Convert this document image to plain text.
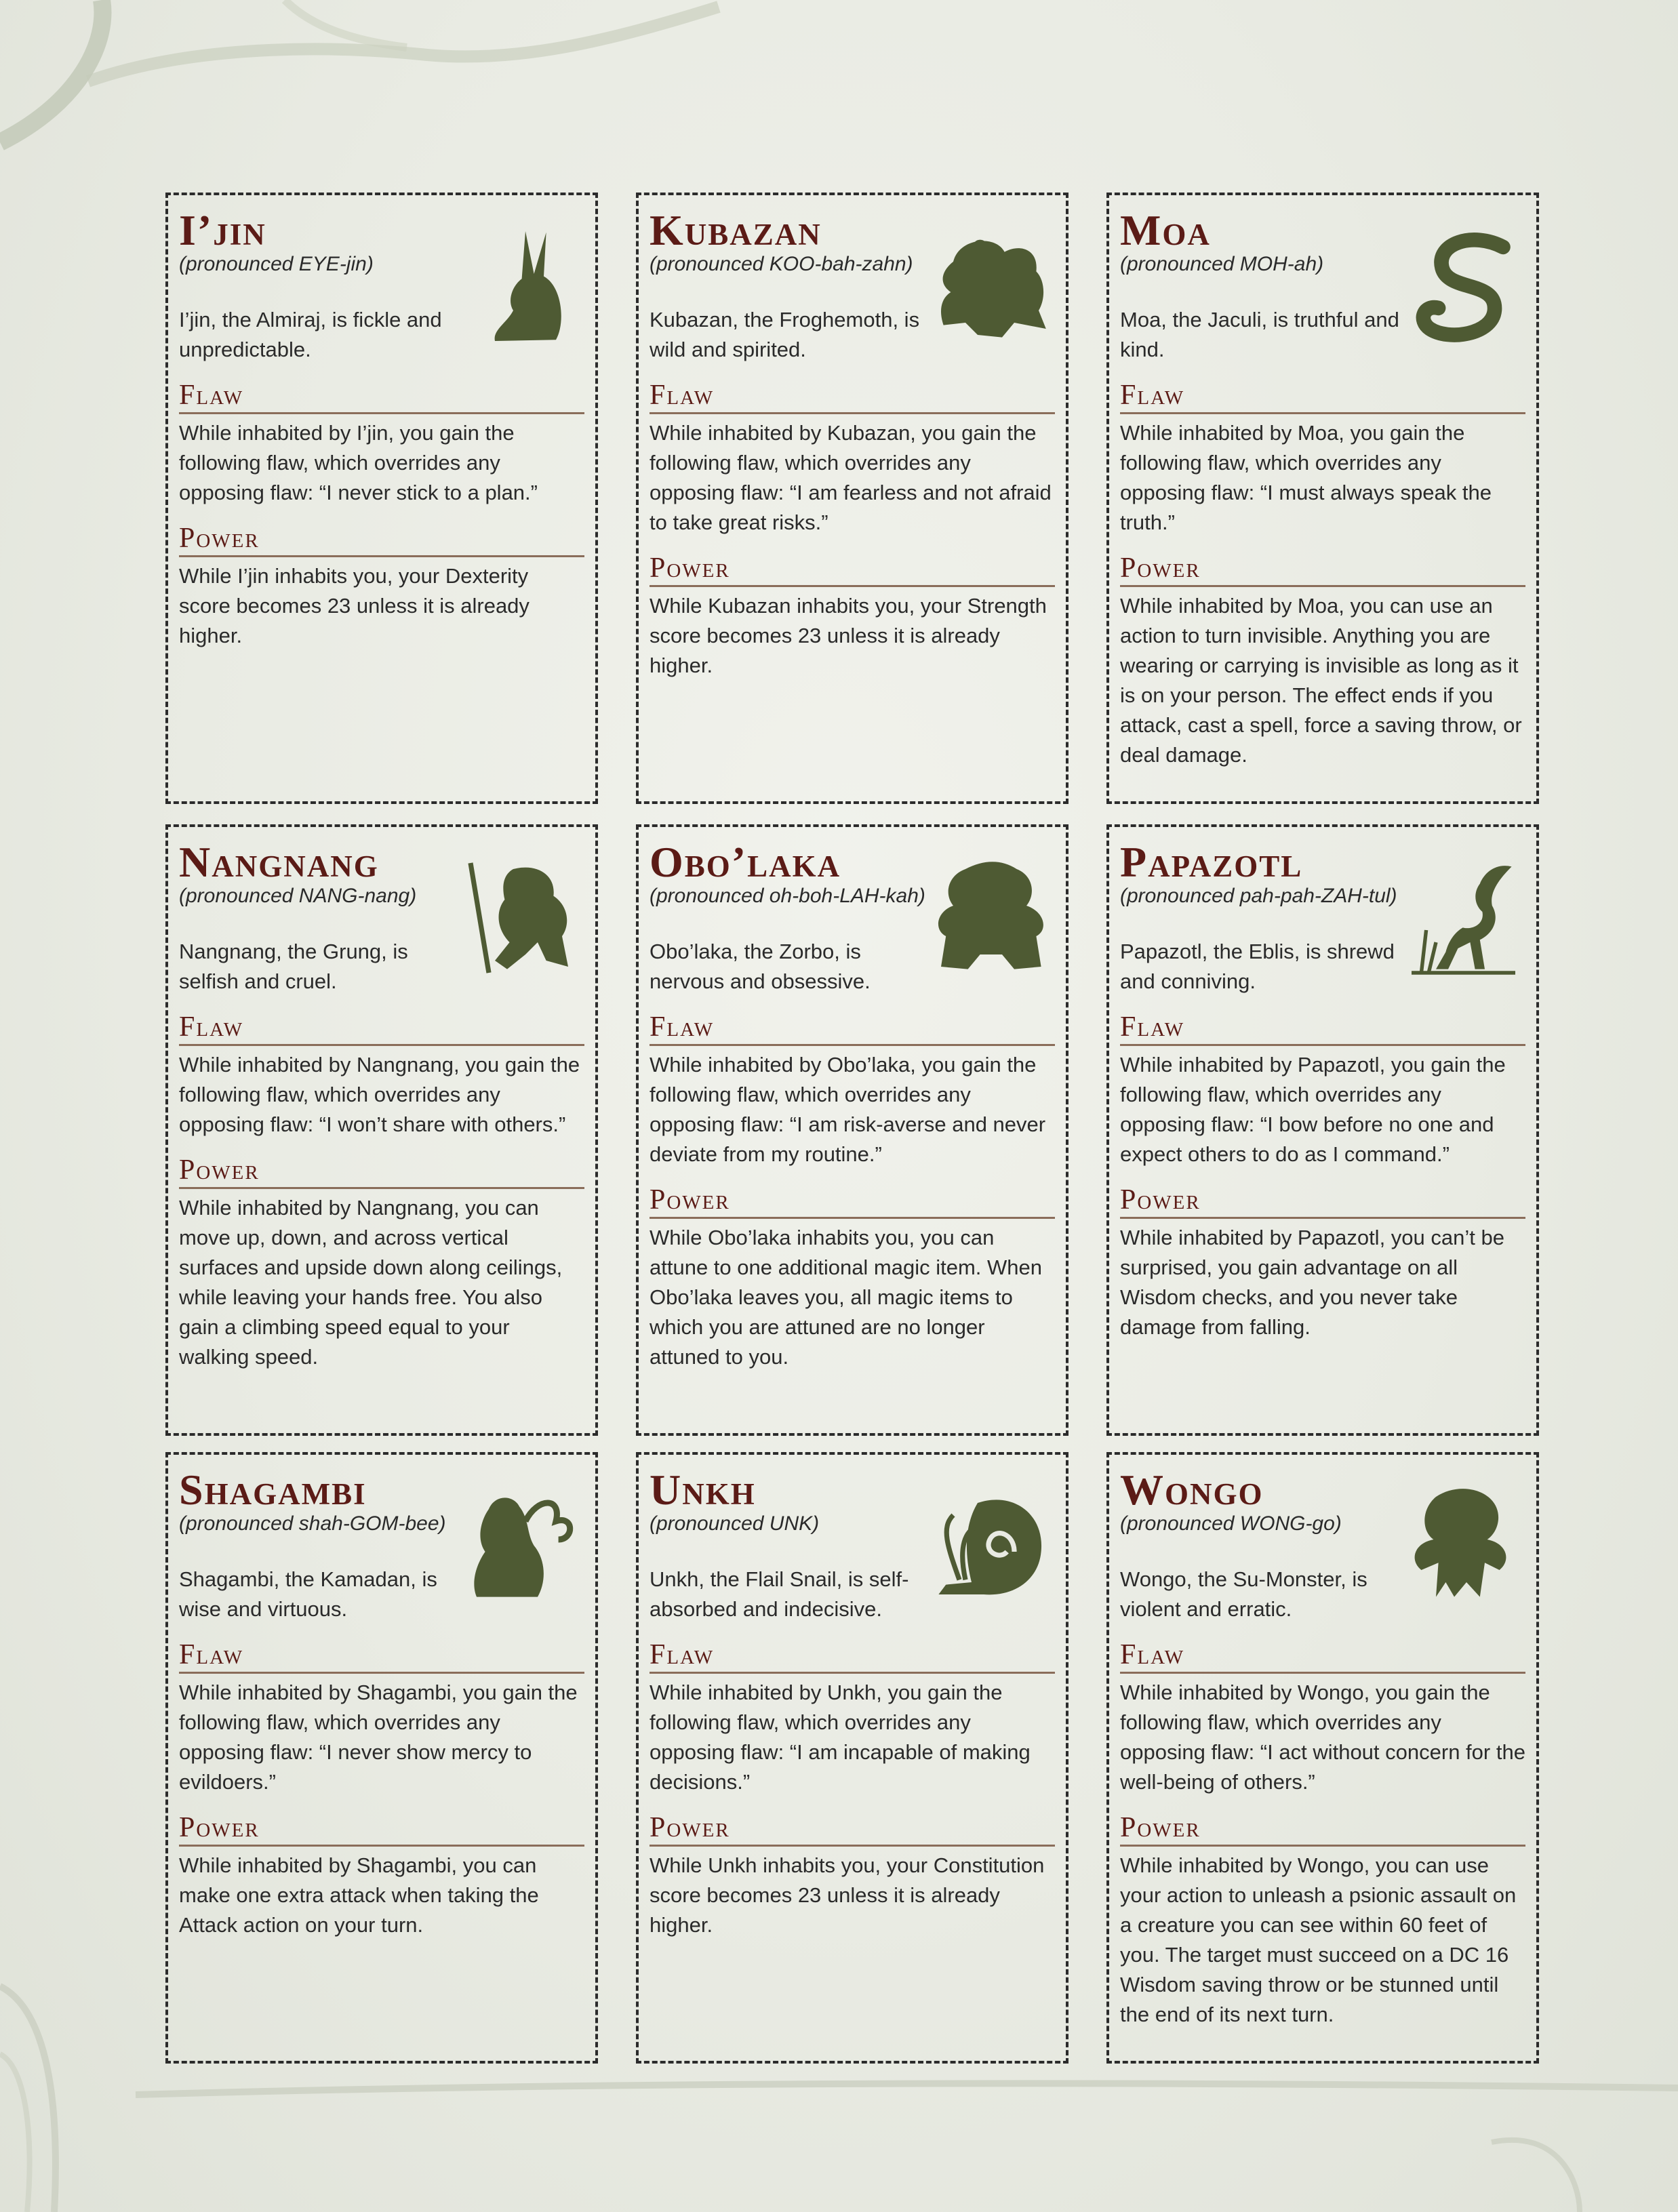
I’jin

(pronounced EYE-jin)

I’jin, the Almiraj, is fickle and unpredictable.

Flaw

While inhabited by I’jin, you gain the following flaw, which overrides any opposing flaw: “I never stick to a plan.”

Power

While I’jin inhabits you, your Dexterity score becomes 23 unless it is already higher.

Kubazan

(pronounced KOO-bah-zahn)

Kubazan, the Froghemoth, is wild and spirited.

Flaw

While inhabited by Kubazan, you gain the following flaw, which overrides any opposing flaw: “I am fearless and not afraid to take great risks.”

Power

While Kubazan inhabits you, your Strength score becomes 23 unless it is already higher.

Moa

(pronounced MOH-ah)

Moa, the Jaculi, is truthful and kind.

Flaw

While inhabited by Moa, you gain the following flaw, which overrides any opposing flaw: “I must always speak the truth.”

Power

While inhabited by Moa, you can use an action to turn invisible. Anything you are wearing or carrying is invisible as long as it is on your person. The effect ends if you attack, cast a spell, force a saving throw, or deal damage.

Nangnang

(pronounced NANG-nang)

Nangnang, the Grung, is selfish and cruel.

Flaw

While inhabited by Nangnang, you gain the following flaw, which overrides any opposing flaw: “I won’t share with others.”

Power

While inhabited by Nangnang, you can move up, down, and across vertical surfaces and upside down along ceilings, while leaving your hands free. You also gain a climbing speed equal to your walking speed.

Obo’laka

(pronounced oh-boh-LAH-kah)

Obo’laka, the Zorbo, is nervous and obsessive.

Flaw

While inhabited by Obo’laka, you gain the following flaw, which overrides any opposing flaw: “I am risk-averse and never deviate from my routine.”

Power

While Obo’laka inhabits you, you can attune to one additional magic item. When Obo’laka leaves you, all magic items to which you are attuned are no longer attuned to you.

Papazotl

(pronounced pah-pah-ZAH-tul)

Papazotl, the Eblis, is shrewd and conniving.

Flaw

While inhabited by Papazotl, you gain the following flaw, which overrides any opposing flaw: “I bow before no one and expect others to do as I command.”

Power

While inhabited by Papazotl, you can’t be surprised, you gain advantage on all Wisdom checks, and you never take damage from falling.

Shagambi

(pronounced shah-GOM-bee)

Shagambi, the Kamadan, is wise and virtuous.

Flaw

While inhabited by Shagambi, you gain the following flaw, which overrides any opposing flaw: “I never show mercy to evildoers.”

Power

While inhabited by Shagambi, you can make one extra attack when taking the Attack action on your turn.

Unkh

(pronounced UNK)

Unkh, the Flail Snail, is self-absorbed and indecisive.

Flaw

While inhabited by Unkh, you gain the following flaw, which overrides any opposing flaw: “I am incapable of making decisions.”

Power

While Unkh inhabits you, your Constitution score becomes 23 unless it is already higher.

Wongo

(pronounced WONG-go)

Wongo, the Su-Monster, is violent and erratic.

Flaw

While inhabited by Wongo, you gain the following flaw, which overrides any opposing flaw: “I act without concern for the well-being of others.”

Power

While inhabited by Wongo, you can use your action to unleash a psionic assault on a creature you can see within 60 feet of you. The target must succeed on a DC 16 Wisdom saving throw or be stunned until the end of its next turn.
